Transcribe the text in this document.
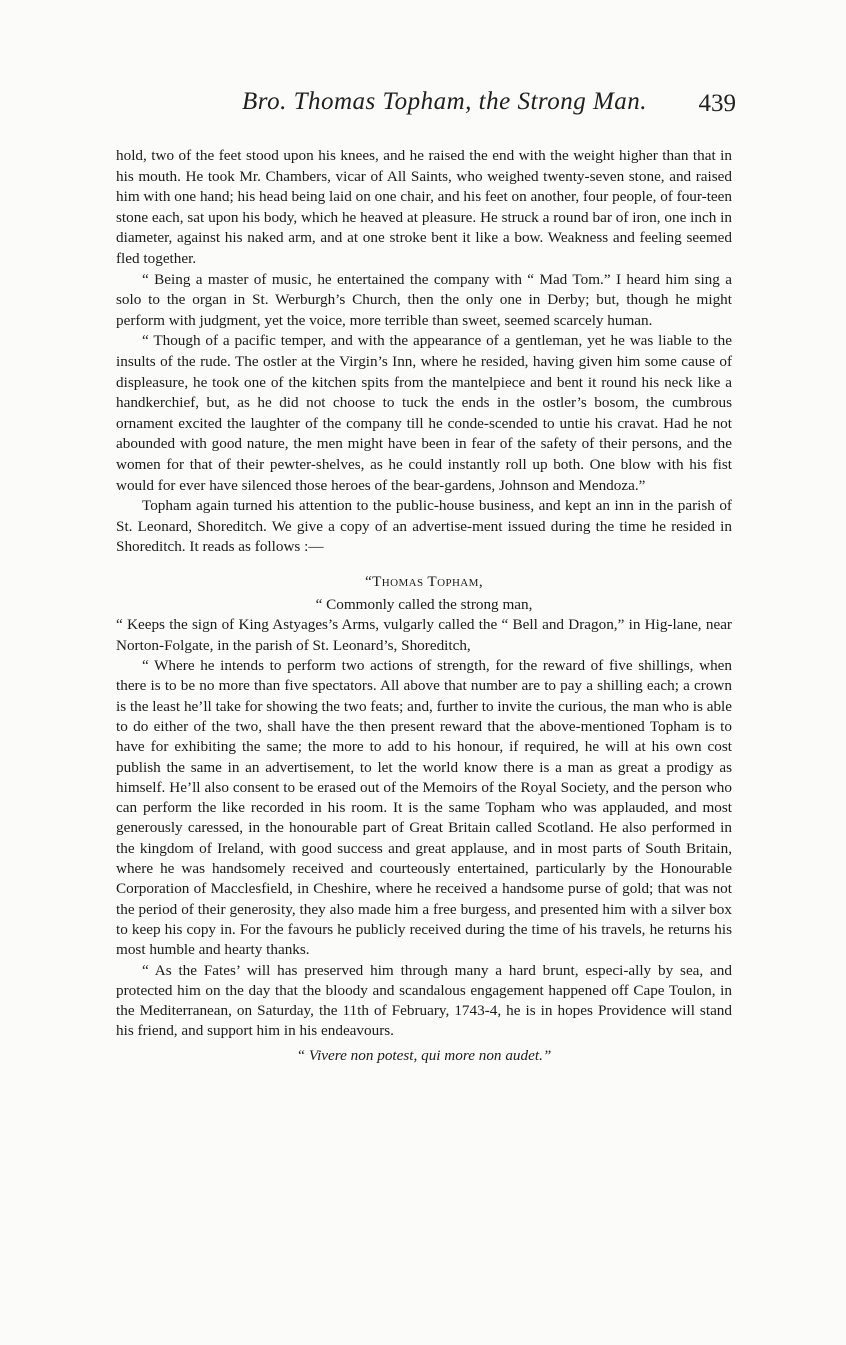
Bro. Thomas Topham, the Strong Man. 439

hold, two of the feet stood upon his knees, and he raised the end with the weight higher than that in his mouth. He took Mr. Chambers, vicar of All Saints, who weighed twenty-seven stone, and raised him with one hand; his head being laid on one chair, and his feet on another, four people, of four-teen stone each, sat upon his body, which he heaved at pleasure. He struck a round bar of iron, one inch in diameter, against his naked arm, and at one stroke bent it like a bow. Weakness and feeling seemed fled together.

“ Being a master of music, he entertained the company with “ Mad Tom.” I heard him sing a solo to the organ in St. Werburgh’s Church, then the only one in Derby; but, though he might perform with judgment, yet the voice, more terrible than sweet, seemed scarcely human.

“ Though of a pacific temper, and with the appearance of a gentleman, yet he was liable to the insults of the rude. The ostler at the Virgin’s Inn, where he resided, having given him some cause of displeasure, he took one of the kitchen spits from the mantelpiece and bent it round his neck like a handkerchief, but, as he did not choose to tuck the ends in the ostler’s bosom, the cumbrous ornament excited the laughter of the company till he conde-scended to untie his cravat. Had he not abounded with good nature, the men might have been in fear of the safety of their persons, and the women for that of their pewter-shelves, as he could instantly roll up both. One blow with his fist would for ever have silenced those heroes of the bear-gardens, Johnson and Mendoza.”

Topham again turned his attention to the public-house business, and kept an inn in the parish of St. Leonard, Shoreditch. We give a copy of an advertise-ment issued during the time he resided in Shoreditch. It reads as follows :—

“Thomas Topham,

“ Commonly called the strong man,

“ Keeps the sign of King Astyages’s Arms, vulgarly called the “ Bell and Dragon,” in Hig-lane, near Norton-Folgate, in the parish of St. Leonard’s, Shoreditch,

“ Where he intends to perform two actions of strength, for the reward of five shillings, when there is to be no more than five spectators. All above that number are to pay a shilling each; a crown is the least he’ll take for showing the two feats; and, further to invite the curious, the man who is able to do either of the two, shall have the then present reward that the above-mentioned Topham is to have for exhibiting the same; the more to add to his honour, if required, he will at his own cost publish the same in an advertisement, to let the world know there is a man as great a prodigy as himself. He’ll also consent to be erased out of the Memoirs of the Royal Society, and the person who can perform the like recorded in his room. It is the same Topham who was applauded, and most generously caressed, in the honourable part of Great Britain called Scotland. He also performed in the kingdom of Ireland, with good success and great applause, and in most parts of South Britain, where he was handsomely received and courteously entertained, particularly by the Honourable Corporation of Macclesfield, in Cheshire, where he received a handsome purse of gold; that was not the period of their generosity, they also made him a free burgess, and presented him with a silver box to keep his copy in. For the favours he publicly received during the time of his travels, he returns his most humble and hearty thanks.

“ As the Fates’ will has preserved him through many a hard brunt, especi-ally by sea, and protected him on the day that the bloody and scandalous engagement happened off Cape Toulon, in the Mediterranean, on Saturday, the 11th of February, 1743-4, he is in hopes Providence will stand his friend, and support him in his endeavours.

“ Vivere non potest, qui more non audet.”
